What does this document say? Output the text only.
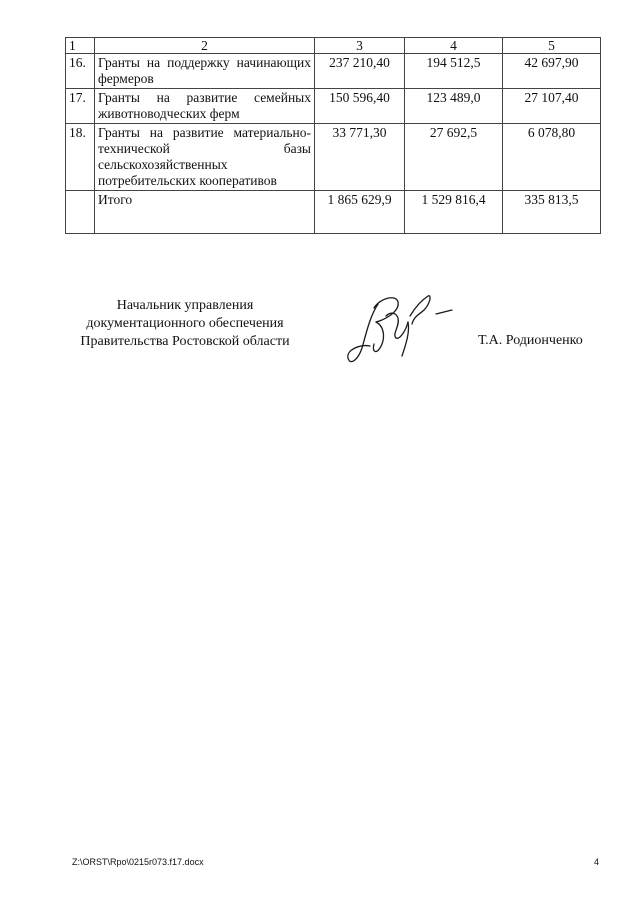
1	2	3	4	5
16.	Гранты на поддержку начинающих фермеров	237 210,40	194 512,5	42 697,90
17.	Гранты на развитие семейных животноводческих ферм	150 596,40	123 489,0	27 107,40
18.	Гранты на развитие материально-технической базы сельскохозяйственных потребительских кооперативов	33 771,30	27 692,5	6 078,80
	Итого	1 865 629,9	1 529 816,4	335 813,5
Начальник управления
документационного обеспечения
Правительства Ростовской области	Т.А. Родионченко
Z:\ORST\Rpo\0215r073.f17.docx	4
